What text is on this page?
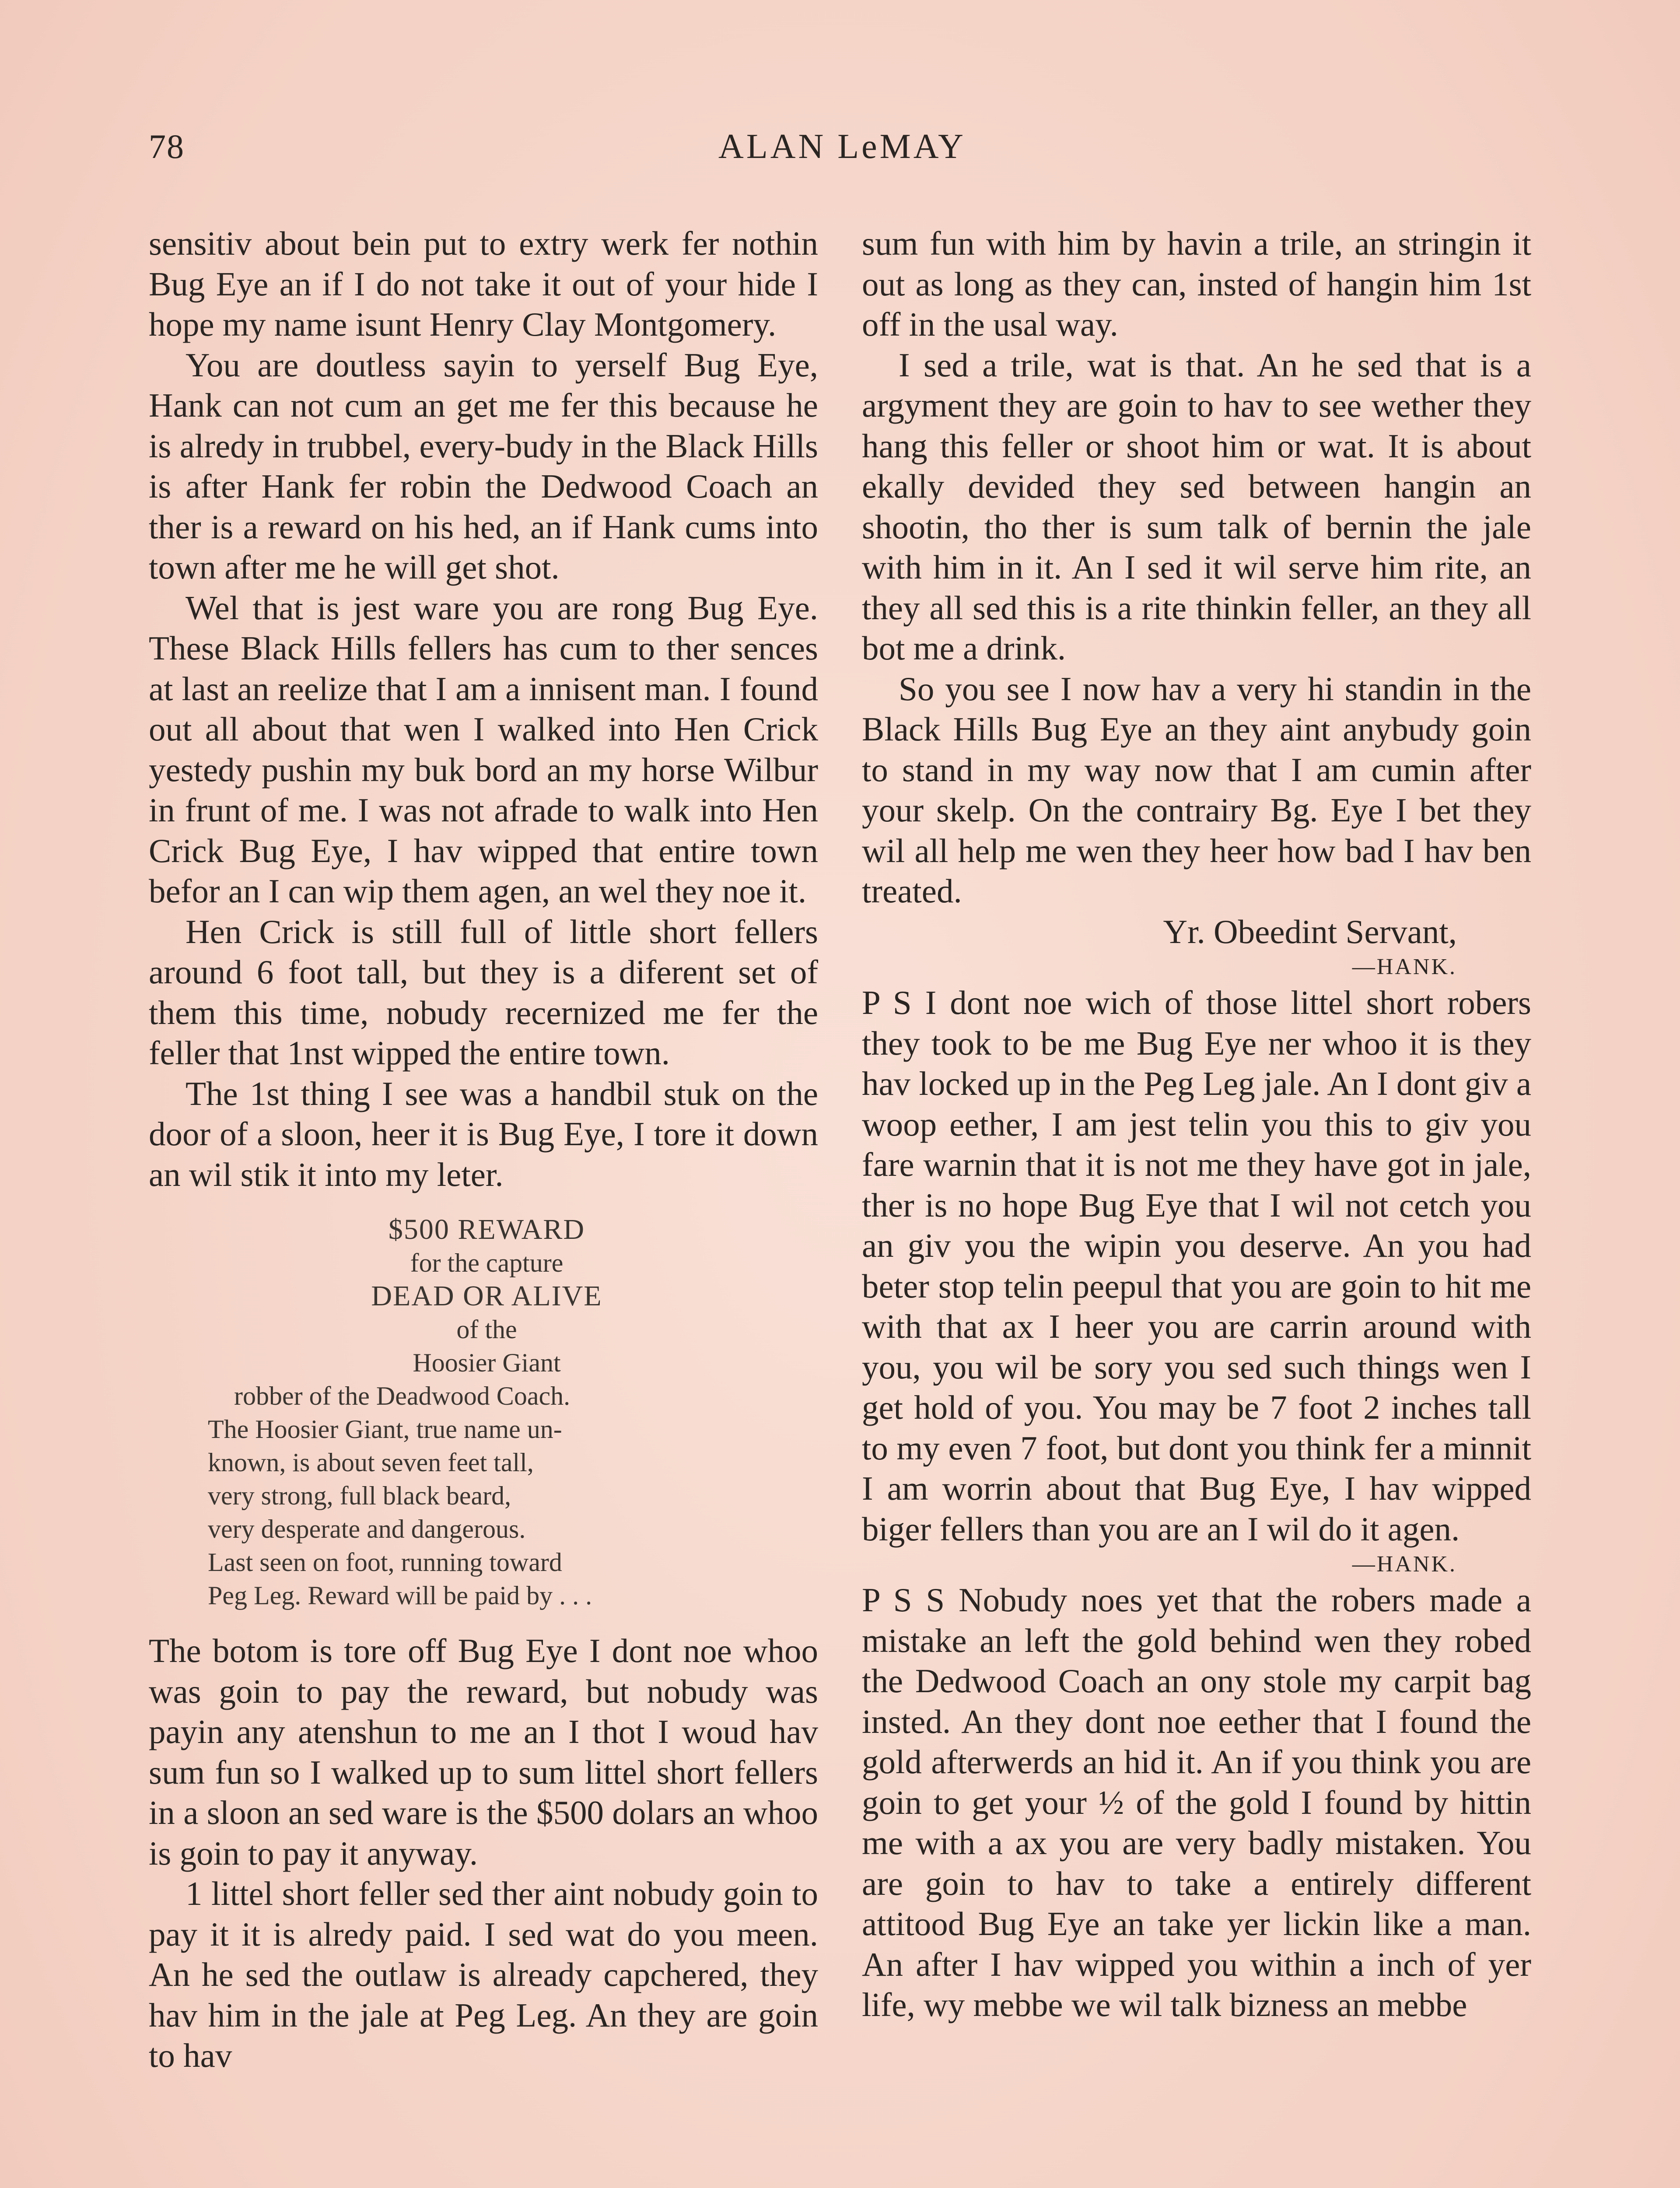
78	ALAN LeMAY

sensitiv about bein put to extry werk fer nothin Bug Eye an if I do not take it out of your hide I hope my name isunt Henry Clay Montgomery.

You are doutless sayin to yerself Bug Eye, Hank can not cum an get me fer this because he is alredy in trubbel, every-budy in the Black Hills is after Hank fer robin the Dedwood Coach an ther is a reward on his hed, an if Hank cums into town after me he will get shot.

Wel that is jest ware you are rong Bug Eye. These Black Hills fellers has cum to ther sences at last an reelize that I am a innisent man. I found out all about that wen I walked into Hen Crick yestedy pushin my buk bord an my horse Wilbur in frunt of me. I was not afrade to walk into Hen Crick Bug Eye, I hav wipped that entire town befor an I can wip them agen, an wel they noe it.

Hen Crick is still full of little short fellers around 6 foot tall, but they is a diferent set of them this time, nobudy recernized me fer the feller that 1nst wipped the entire town.

The 1st thing I see was a handbil stuk on the door of a sloon, heer it is Bug Eye, I tore it down an wil stik it into my leter.

$500 REWARD
for the capture
DEAD OR ALIVE
of the
Hoosier Giant
robber of the Deadwood Coach.
The Hoosier Giant, true name un-
known, is about seven feet tall,
very strong, full black beard,
very desperate and dangerous.
Last seen on foot, running toward
Peg Leg. Reward will be paid by . . .

The botom is tore off Bug Eye I dont noe whoo was goin to pay the reward, but nobudy was payin any atenshun to me an I thot I woud hav sum fun so I walked up to sum littel short fellers in a sloon an sed ware is the $500 dolars an whoo is goin to pay it anyway.

1 littel short feller sed ther aint nobudy goin to pay it it is alredy paid. I sed wat do you meen. An he sed the outlaw is already capchered, they hav him in the jale at Peg Leg. An they are goin to hav

sum fun with him by havin a trile, an stringin it out as long as they can, insted of hangin him 1st off in the usal way.

I sed a trile, wat is that. An he sed that is a argyment they are goin to hav to see wether they hang this feller or shoot him or wat. It is about ekally devided they sed between hangin an shootin, tho ther is sum talk of bernin the jale with him in it. An I sed it wil serve him rite, an they all sed this is a rite thinkin feller, an they all bot me a drink.

So you see I now hav a very hi standin in the Black Hills Bug Eye an they aint anybudy goin to stand in my way now that I am cumin after your skelp. On the contrairy Bg. Eye I bet they wil all help me wen they heer how bad I hav ben treated.

Yr. Obeedint Servant,

—HANK.

P S I dont noe wich of those littel short robers they took to be me Bug Eye ner whoo it is they hav locked up in the Peg Leg jale. An I dont giv a woop eether, I am jest telin you this to giv you fare warnin that it is not me they have got in jale, ther is no hope Bug Eye that I wil not cetch you an giv you the wipin you deserve. An you had beter stop telin peepul that you are goin to hit me with that ax I heer you are carrin around with you, you wil be sory you sed such things wen I get hold of you. You may be 7 foot 2 inches tall to my even 7 foot, but dont you think fer a minnit I am worrin about that Bug Eye, I hav wipped biger fellers than you are an I wil do it agen.

—HANK.

P S S Nobudy noes yet that the robers made a mistake an left the gold behind wen they robed the Dedwood Coach an ony stole my carpit bag insted. An they dont noe eether that I found the gold afterwerds an hid it. An if you think you are goin to get your ½ of the gold I found by hittin me with a ax you are very badly mistaken. You are goin to hav to take a entirely different attitood Bug Eye an take yer lickin like a man. An after I hav wipped you within a inch of yer life, wy mebbe we wil talk bizness an mebbe
